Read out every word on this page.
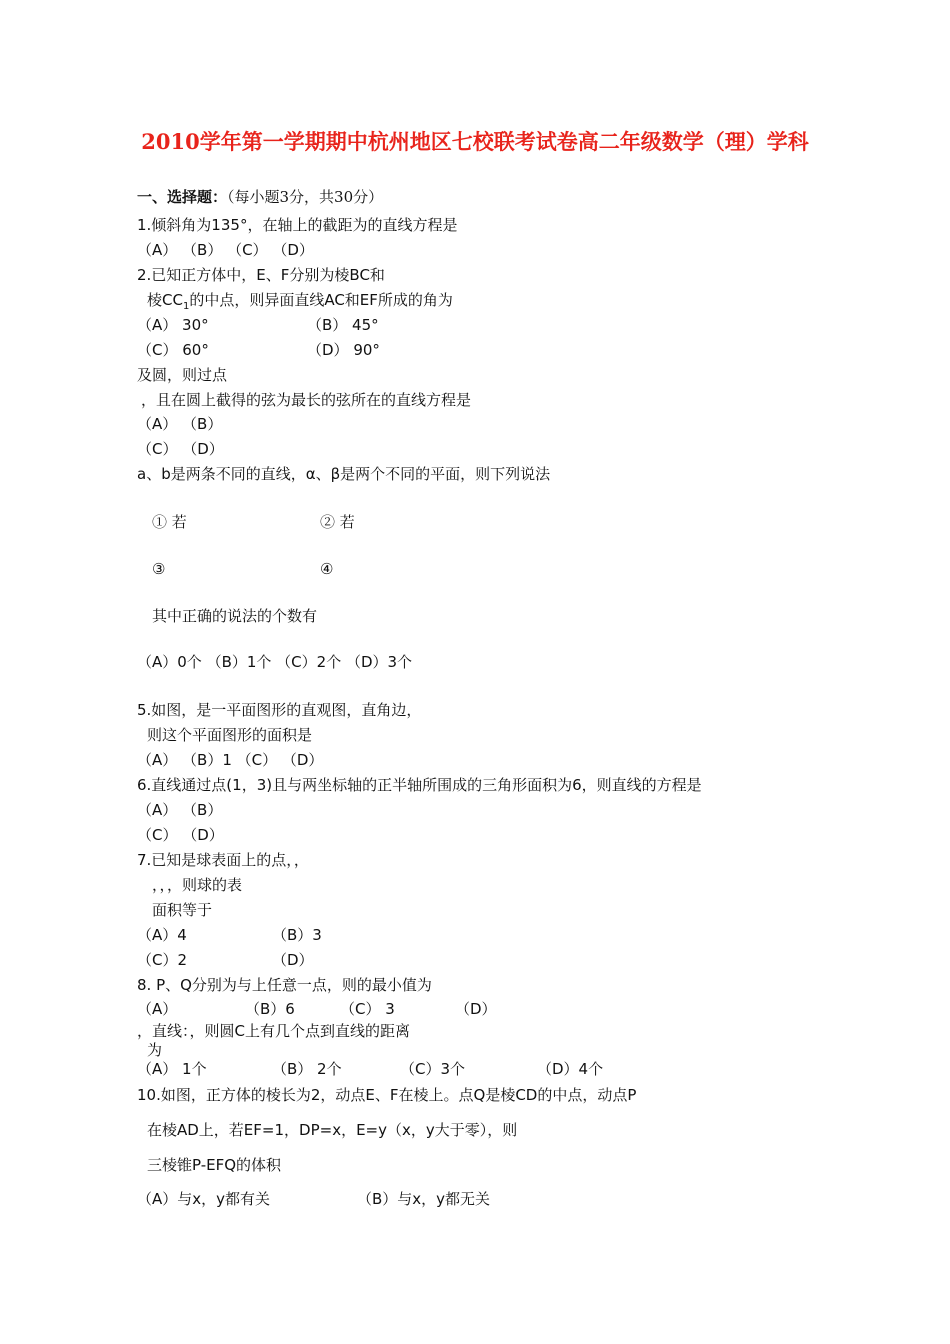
2010学年第一学期期中杭州地区七校联考试卷高二年级数学（理）学科
一、选择题：（每小题3分，共30分）
1.倾斜角为135°，在轴上的截距为的直线方程是
（A） （B） （C） （D）
2.已知正方体中，E、F分别为棱BC和
棱$CC_1$的中点，则异面直线AC和EF所成的角为
（A） 30°	（B） 45°
（C） 60°	（D） 90°
及圆，则过点
，且在圆上截得的弦为最长的弦所在的直线方程是
（A） （B）
（C） （D）
a、b是两条不同的直线，α、β是两个不同的平面，则下列说法
① 若	② 若
③	④
其中正确的说法的个数有
（A）0个 （B）1个 （C）2个 （D）3个
5.如图，是一平面图形的直观图，直角边，
则这个平面图形的面积是
（A） （B）1 （C） （D）
6.直线通过点(1，3)且与两坐标轴的正半轴所围成的三角形面积为6，则直线的方程是
（A） （B）
（C） （D）
7.已知是球表面上的点，，
，，，则球的表
面积等于
（A）4	（B）3
（C）2	（D）
8. P、Q分别为与上任意一点，则的最小值为
（A）	（B）6	（C） 3	（D）
，直线：，则圆C上有几个点到直线的距离
为
（A） 1个	（B） 2个	（C）3个	（D）4个
10.如图，正方体的棱长为2，动点E、F在棱上。点Q是棱CD的中点，动点P
在棱AD上，若EF=1，DP=x，E=y（x，y大于零），则
三棱锥P-EFQ的体积
（A）与x，y都有关	（B）与x，y都无关
